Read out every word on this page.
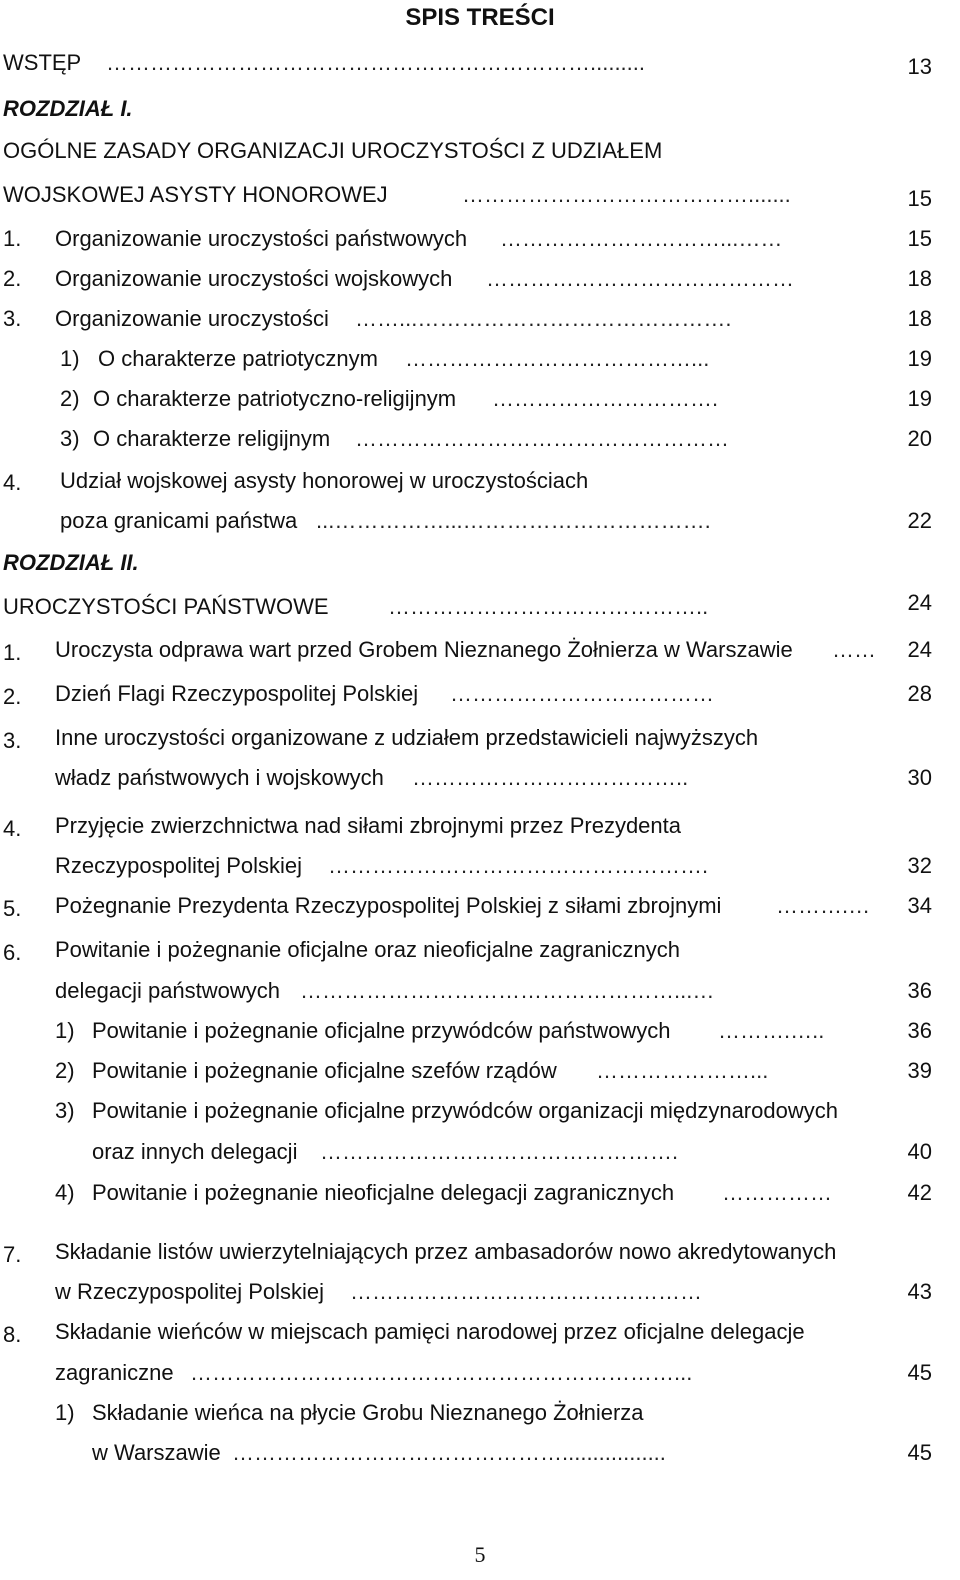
SPIS TREŚCI
WSTĘP ………………………………………………………….........	13
ROZDZIAŁ I.
OGÓLNE ZASADY ORGANIZACJI UROCZYSTOŚCI Z UDZIAŁEM
WOJSKOWEJ ASYSTY HONOROWEJ	………………………………….......	15
1. Organizowanie uroczystości państwowych …………………………...……	15
2. Organizowanie uroczystości wojskowych ……………………………………	18
3. Organizowanie uroczystości ……...…………………………………….	18
1) O charakterze patriotycznym …………………………………...	19
2) O charakterze patriotyczno-religijnym ………………………….	19
3) O charakterze religijnym ……………………………………………	20
4. Udział wojskowej asysty honorowej w uroczystościach
poza granicami państwa ...……………...…………………………….	22
ROZDZIAŁ II.
UROCZYSTOŚCI PAŃSTWOWE	……………………………………..	24
1. Uroczysta odprawa wart przed Grobem Nieznanego Żołnierza w Warszawie …… 24
2. Dzień Flagi Rzeczypospolitej Polskiej ………………………………	28
3. Inne uroczystości organizowane z udziałem przedstawicieli najwyższych
władz państwowych i wojskowych ………………………………..	30
4. Przyjęcie zwierzchnictwa nad siłami zbrojnymi przez Prezydenta
Rzeczypospolitej Polskiej …………………………………………….	32
5. Pożegnanie Prezydenta Rzeczypospolitej Polskiej z siłami zbrojnymi ……….… 34
6. Powitanie i pożegnanie oficjalne oraz nieoficjalne zagranicznych
delegacji państwowych ……………………………………………...…	36
1) Powitanie i pożegnanie oficjalne przywódców państwowych ……….…..	36
2) Powitanie i pożegnanie oficjalne szefów rządów …………………...	39
3) Powitanie i pożegnanie oficjalne przywódców organizacji międzynarodowych
oraz innych delegacji ………………………………………….	40
4) Powitanie i pożegnanie nieoficjalne delegacji zagranicznych ……………	42
7. Składanie listów uwierzytelniających przez ambasadorów nowo akredytowanych
w Rzeczypospolitej Polskiej …………………………………………	43
8. Składanie wieńców w miejscach pamięci narodowej przez oficjalne delegacje
zagraniczne …………………………………………………………...	45
1) Składanie wieńca na płycie Grobu Nieznanego Żołnierza
w Warszawie ……………………………………….................	45
5
